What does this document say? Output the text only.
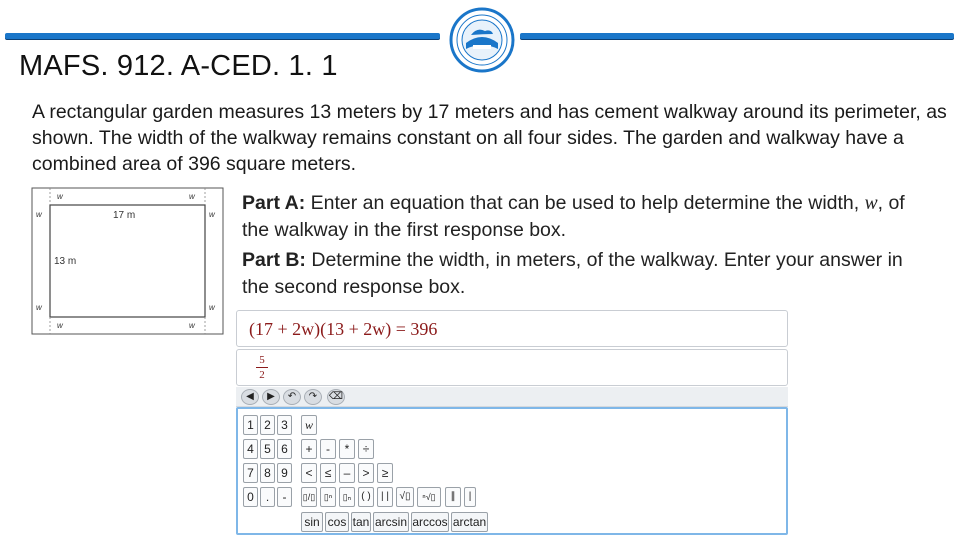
MAFS. 912. A-CED. 1. 1
A rectangular garden measures 13 meters by 17 meters and has cement walkway around its perimeter, as shown. The width of the walkway remains constant on all four sides. The garden and walkway have a combined area of 396 square meters.
w	w
w	w
w	w
w	w
17 m
13 m

Part A: Enter an equation that can be used to help determine the width, w, of the walkway in the first response box.

Part B: Determine the width, in meters, of the walkway. Enter your answer in the second response box.

(17 + 2w)(13 + 2w) = 396
5
2
◀	▶	↶	↷	⌫
1 2 3	w
4 5 6	+	-	*	÷
7 8 9	<	≤	–	>	≥
0 .	-	▯/▯ ▯ⁿ	▯ₙ	( )	| |	√▯	ⁿ√▯	∥	|
sin cos tan arcsin arccos arctan
